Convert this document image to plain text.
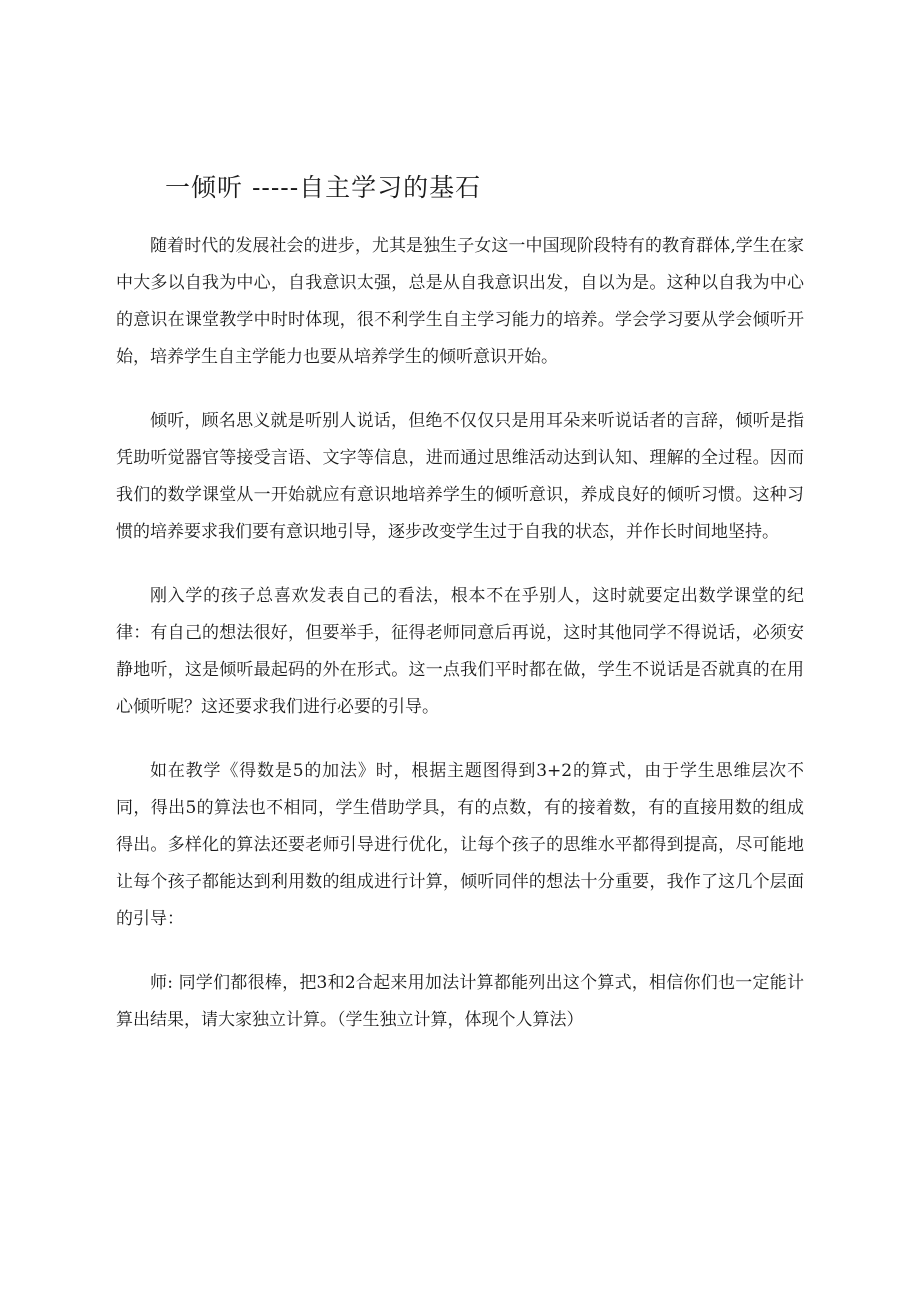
一倾听 -----自主学习的基石

随着时代的发展社会的进步，尤其是独生子女这一中国现阶段特有的教育群体,学生在家中大多以自我为中心，自我意识太强，总是从自我意识出发，自以为是。这种以自我为中心的意识在课堂教学中时时体现，很不利学生自主学习能力的培养。学会学习要从学会倾听开始，培养学生自主学能力也要从培养学生的倾听意识开始。

倾听，顾名思义就是听别人说话，但绝不仅仅只是用耳朵来听说话者的言辞，倾听是指凭助听觉器官等接受言语、文字等信息，进而通过思维活动达到认知、理解的全过程。因而我们的数学课堂从一开始就应有意识地培养学生的倾听意识，养成良好的倾听习惯。这种习惯的培养要求我们要有意识地引导，逐步改变学生过于自我的状态，并作长时间地坚持。

刚入学的孩子总喜欢发表自己的看法，根本不在乎别人，这时就要定出数学课堂的纪律：有自己的想法很好，但要举手，征得老师同意后再说，这时其他同学不得说话，必须安静地听，这是倾听最起码的外在形式。这一点我们平时都在做，学生不说话是否就真的在用心倾听呢？这还要求我们进行必要的引导。

如在教学《得数是5的加法》时，根据主题图得到3+2的算式，由于学生思维层次不同，得出5的算法也不相同，学生借助学具，有的点数，有的接着数，有的直接用数的组成得出。多样化的算法还要老师引导进行优化，让每个孩子的思维水平都得到提高，尽可能地让每个孩子都能达到利用数的组成进行计算，倾听同伴的想法十分重要，我作了这几个层面的引导：

师: 同学们都很棒，把3和2合起来用加法计算都能列出这个算式，相信你们也一定能计算出结果，请大家独立计算。（学生独立计算，体现个人算法）
